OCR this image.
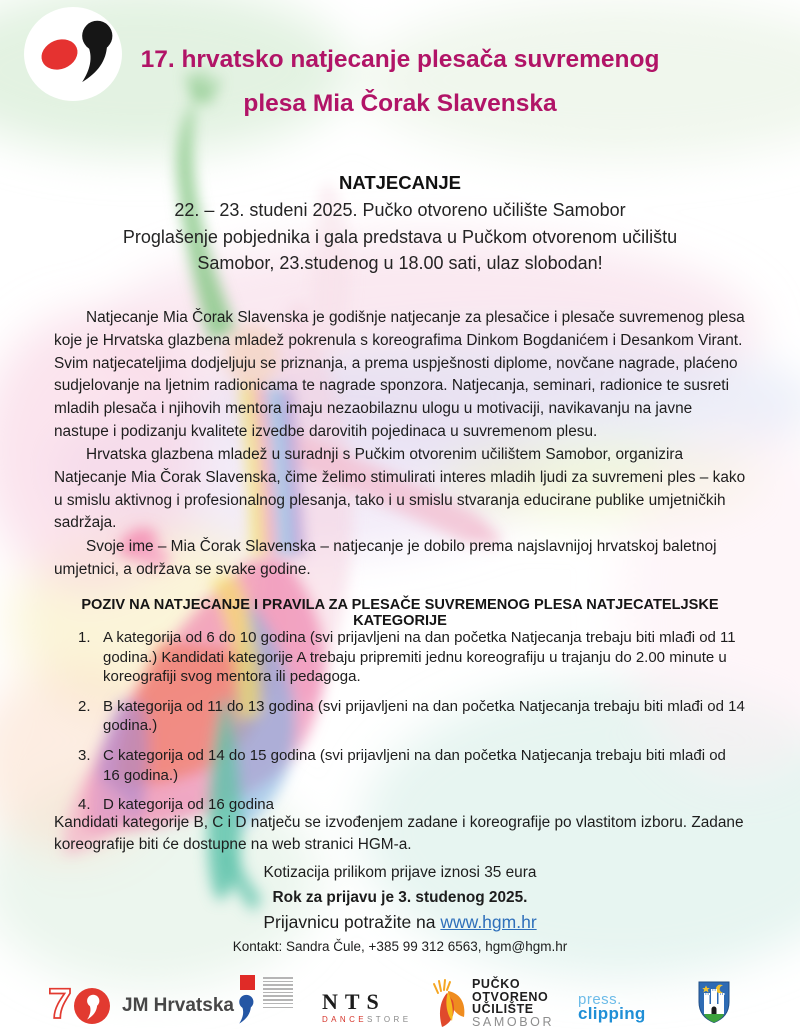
17. hrvatsko natjecanje plesača suvremenog
plesa Mia Čorak Slavenska
NATJECANJE
22. – 23. studeni 2025. Pučko otvoreno učilište Samobor
Proglašenje pobjednika i gala predstava u Pučkom otvorenom učilištu
Samobor, 23.studenog u 18.00 sati, ulaz slobodan!
Natjecanje Mia Čorak Slavenska je godišnje natjecanje za plesačice i plesače suvremenog plesa koje je Hrvatska glazbena mladež pokrenula s koreografima Dinkom Bogdanićem i Desankom Virant. Svim natjecateljima dodjeljuju se priznanja, a prema uspješnosti diplome, novčane nagrade, plaćeno sudjelovanje na ljetnim radionicama te nagrade sponzora. Natjecanja, seminari, radionice te susreti mladih plesača i njihovih mentora imaju nezaobilaznu ulogu u motivaciji, navikavanju na javne nastupe i podizanju kvalitete izvedbe darovitih pojedinaca u suvremenom plesu.
Hrvatska glazbena mladež u suradnji s Pučkim otvorenim učilištem Samobor, organizira Natjecanje Mia Čorak Slavenska, čime želimo stimulirati interes mladih ljudi za suvremeni ples – kako u smislu aktivnog i profesionalnog plesanja, tako i u smislu stvaranja educirane publike umjetničkih sadržaja.
Svoje ime – Mia Čorak Slavenska – natjecanje je dobilo prema najslavnijoj hrvatskoj baletnoj umjetnici, a održava se svake godine.
POZIV NA NATJECANJE I PRAVILA ZA PLESAČE SUVREMENOG PLESA NATJECATELJSKE KATEGORIJE
1. A kategorija od 6 do 10 godina (svi prijavljeni na dan početka Natjecanja trebaju biti mlađi od 11 godina.) Kandidati kategorije A trebaju pripremiti jednu koreografiju u trajanju do 2.00 minute u koreografiji svog mentora ili pedagoga.
2. B kategorija od 11 do 13 godina (svi prijavljeni na dan početka Natjecanja trebaju biti mlađi od 14 godina.)
3. C kategorija od 14 do 15 godina (svi prijavljeni na dan početka Natjecanja trebaju biti mlađi od 16 godina.)
4. D kategorija od 16 godina
Kandidati kategorije B, C i D natječu se izvođenjem zadane i koreografije po vlastitom izboru. Zadane koreografije biti će dostupne na web stranici HGM-a.
Kotizacija prilikom prijave iznosi 35 eura
Rok za prijavu je 3. studenog 2025.
Prijavnicu potražite na www.hgm.hr
Kontakt: Sandra Čule, +385 99 312 6563, hgm@hgm.hr
7	JM Hrvatska	NTS
DANCESTORE
PUČKO
OTVORENO
UČILIŠTE
SAMOBOR
press.
clipping
